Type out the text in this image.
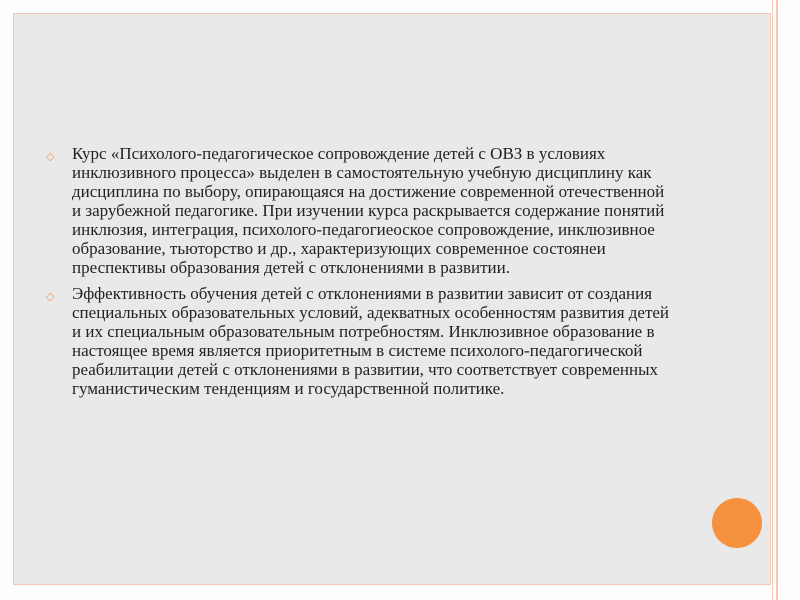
◇ Курс «Психолого-педагогическое сопровождение детей с ОВЗ в условиях инклюзивного процесса» выделен в самостоятельную учебную дисциплину как дисциплина по выбору, опирающаяся на достижение современной отечественной и зарубежной педагогике. При изучении курса раскрывается содержание понятий инклюзия, интеграция, психолого-педагогиеоское сопровождение, инклюзивное образование, тьюторство и др., характеризующих современное состоянеи преспективы образования детей с отклонениями в развитии.
◇ Эффективность обучения детей с отклонениями в развитии зависит от создания специальных образовательных условий, адекватных особенностям развития детей и их специальным образовательным потребностям. Инклюзивное образование в настоящее время является приоритетным в системе психолого-педагогической реабилитации детей с отклонениями в развитии, что соответствует современных гуманистическим тенденциям и государственной политике.
